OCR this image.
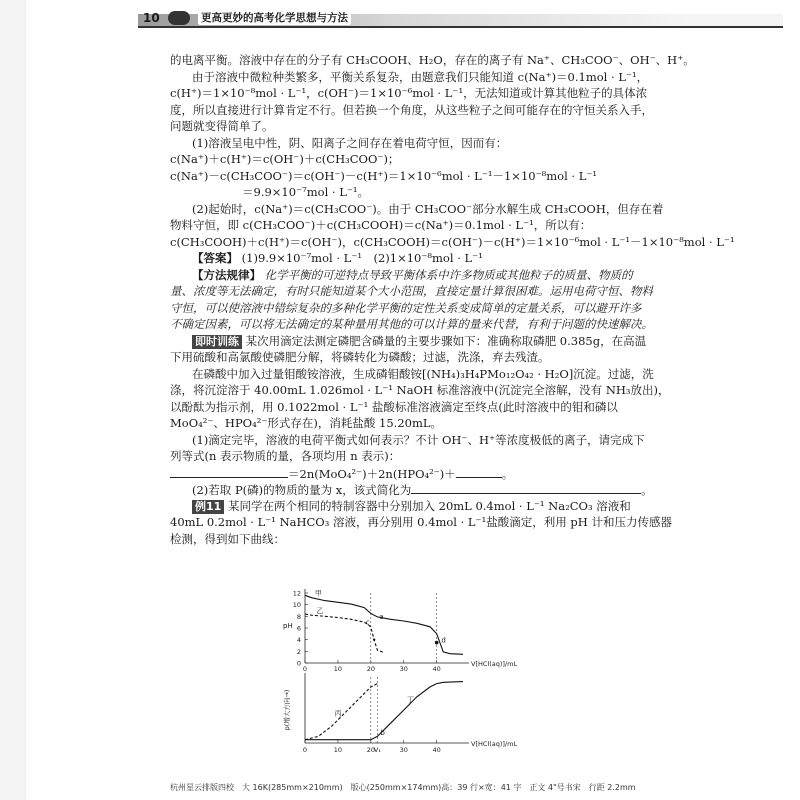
10	更高更妙的高考化学思想与方法
的电离平衡。溶液中存在的分子有 CH₃COOH、H₂O，存在的离子有 Na⁺、CH₃COO⁻、OH⁻、H⁺。
由于溶液中微粒种类繁多，平衡关系复杂，由题意我们只能知道 c(Na⁺)＝0.1mol · L⁻¹，
c(H⁺)＝1×10⁻⁸mol · L⁻¹，c(OH⁻)＝1×10⁻⁶mol · L⁻¹，无法知道或计算其他粒子的具体浓
度，所以直接进行计算肯定不行。但若换一个角度，从这些粒子之间可能存在的守恒关系入手，
问题就变得简单了。
(1)溶液呈电中性，阴、阳离子之间存在着电荷守恒，因而有：
c(Na⁺)＋c(H⁺)＝c(OH⁻)＋c(CH₃COO⁻)；
c(Na⁺)－c(CH₃COO⁻)＝c(OH⁻)－c(H⁺)＝1×10⁻⁶mol · L⁻¹－1×10⁻⁸mol · L⁻¹
＝9.9×10⁻⁷mol · L⁻¹。
(2)起始时，c(Na⁺)＝c(CH₃COO⁻)。由于 CH₃COO⁻部分水解生成 CH₃COOH，但存在着
物料守恒，即 c(CH₃COO⁻)＋c(CH₃COOH)＝c(Na⁺)＝0.1mol · L⁻¹，所以有：
c(CH₃COOH)＋c(H⁺)＝c(OH⁻)，c(CH₃COOH)＝c(OH⁻)－c(H⁺)＝1×10⁻⁶mol · L⁻¹－1×10⁻⁸mol · L⁻¹
【答案】 (1)9.9×10⁻⁷mol · L⁻¹　(2)1×10⁻⁸mol · L⁻¹
【方法规律】 化学平衡的可逆特点导致平衡体系中许多物质或其他粒子的质量、物质的
量、浓度等无法确定，有时只能知道某个大小范围，直接定量计算很困难。运用电荷守恒、物料
守恒，可以使溶液中错综复杂的多种化学平衡的定性关系变成简单的定量关系，可以避开许多
不确定因素，可以将无法确定的某种量用其他的可以计算的量来代替，有利于问题的快速解决。
即时训练 某次用滴定法测定磷肥含磷量的主要步骤如下：准确称取磷肥 0.385g，在高温
下用硫酸和高氯酸使磷肥分解，将磷转化为磷酸；过滤，洗涤，弃去残渣。
在磷酸中加入过量钼酸铵溶液，生成磷钼酸铵[(NH₄)₃H₄PMo₁₂O₄₂ · H₂O]沉淀。过滤，洗
涤，将沉淀溶于 40.00mL 1.026mol · L⁻¹ NaOH 标准溶液中(沉淀完全溶解，没有 NH₃放出)，
以酚酞为指示剂，用 0.1022mol · L⁻¹ 盐酸标准溶液滴定至终点(此时溶液中的钼和磷以
MoO₄²⁻、HPO₄²⁻形式存在)，消耗盐酸 15.20mL。
(1)滴定完毕，溶液的电荷平衡式如何表示？不计 OH⁻、H⁺等浓度极低的离子，请完成下
列等式(n 表示物质的量，各项均用 n 表示)：
＝2n(MoO₄²⁻)＋2n(HPO₄²⁻)＋	。
(2)若取 P(磷)的物质的量为 x，该式简化为	。
例11 某同学在两个相同的特制容器中分别加入 20mL 0.4mol · L⁻¹ Na₂CO₃ 溶液和
40mL 0.2mol · L⁻¹ NaHCO₃ 溶液，再分别用 0.4mol · L⁻¹盐酸滴定，利用 pH 计和压力传感器
检测，得到如下曲线：
12
10
8
6
4
2
0
0	10	20	30	40
pH
V[HCl(aq)]/mL
甲
乙
a
c
d
0	10	20	30	40
V₁
V[HCl(aq)]/mL
p(增大方向→)	丙
丁
b
杭州星云排版四校　大 16K(285mm×210mm)　版心(250mm×174mm)高：39 行×宽：41 字　正文 4"号书宋　行距 2.2mm
